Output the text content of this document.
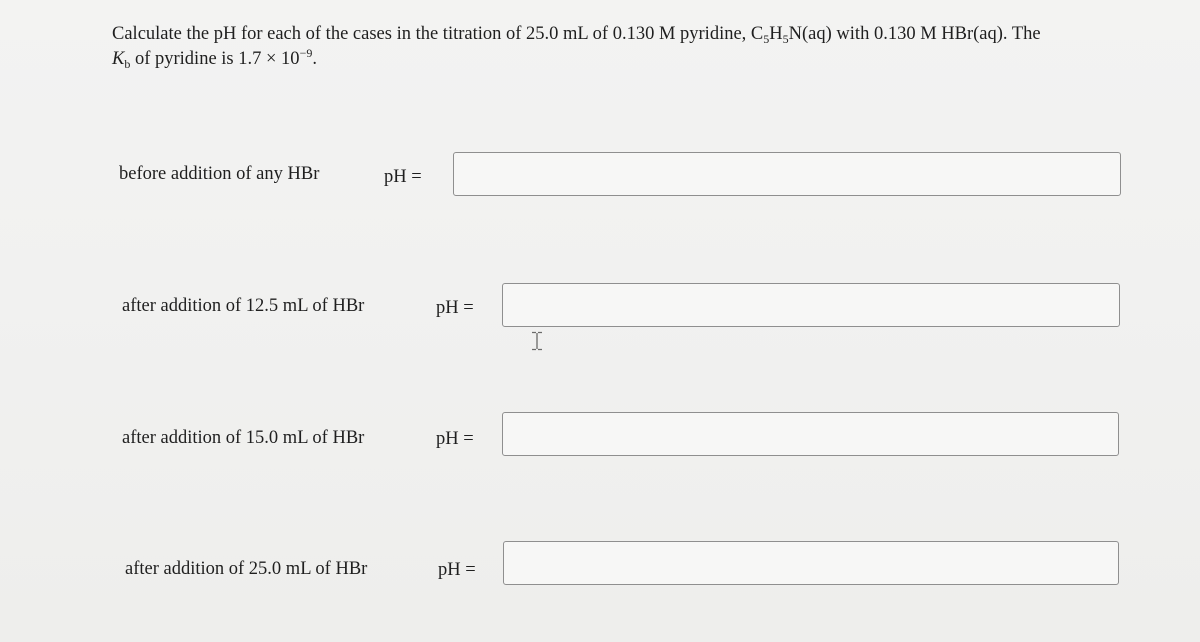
Calculate the pH for each of the cases in the titration of 25.0 mL of 0.130 M pyridine, $C_5H_5N(aq)$ with 0.130 M HBr(aq). The
$K_b$ of pyridine is $1.7 \times 10^{-9}$.
before addition of any HBr	pH =
after addition of 12.5 mL of HBr	pH =
after addition of 15.0 mL of HBr	pH =
after addition of 25.0 mL of HBr	pH =
